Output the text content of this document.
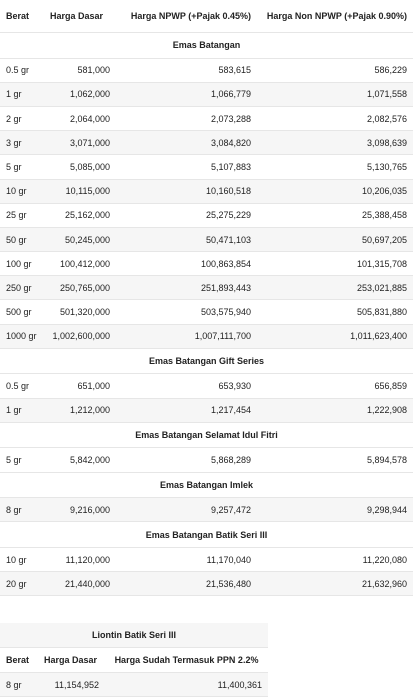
Berat	Harga Dasar	Harga NPWP (+Pajak 0.45%)	Harga Non NPWP (+Pajak 0.90%)
Emas Batangan			
0.5 gr	581,000	583,615	586,229
1 gr	1,062,000	1,066,779	1,071,558
2 gr	2,064,000	2,073,288	2,082,576
3 gr	3,071,000	3,084,820	3,098,639
5 gr	5,085,000	5,107,883	5,130,765
10 gr	10,115,000	10,160,518	10,206,035
25 gr	25,162,000	25,275,229	25,388,458
50 gr	50,245,000	50,471,103	50,697,205
100 gr	100,412,000	100,863,854	101,315,708
250 gr	250,765,000	251,893,443	253,021,885
500 gr	501,320,000	503,575,940	505,831,880
1000 gr	1,002,600,000	1,007,111,700	1,011,623,400
Emas Batangan Gift Series			
0.5 gr	651,000	653,930	656,859
1 gr	1,212,000	1,217,454	1,222,908
Emas Batangan Selamat Idul Fitri			
5 gr	5,842,000	5,868,289	5,894,578
Emas Batangan Imlek			
8 gr	9,216,000	9,257,472	9,298,944
Emas Batangan Batik Seri III			
10 gr	11,120,000	11,170,040	11,220,080
20 gr	21,440,000	21,536,480	21,632,960
Liontin Batik Seri III		
Berat	Harga Dasar	Harga Sudah Termasuk PPN 2.2%
8 gr	11,154,952	11,400,361
